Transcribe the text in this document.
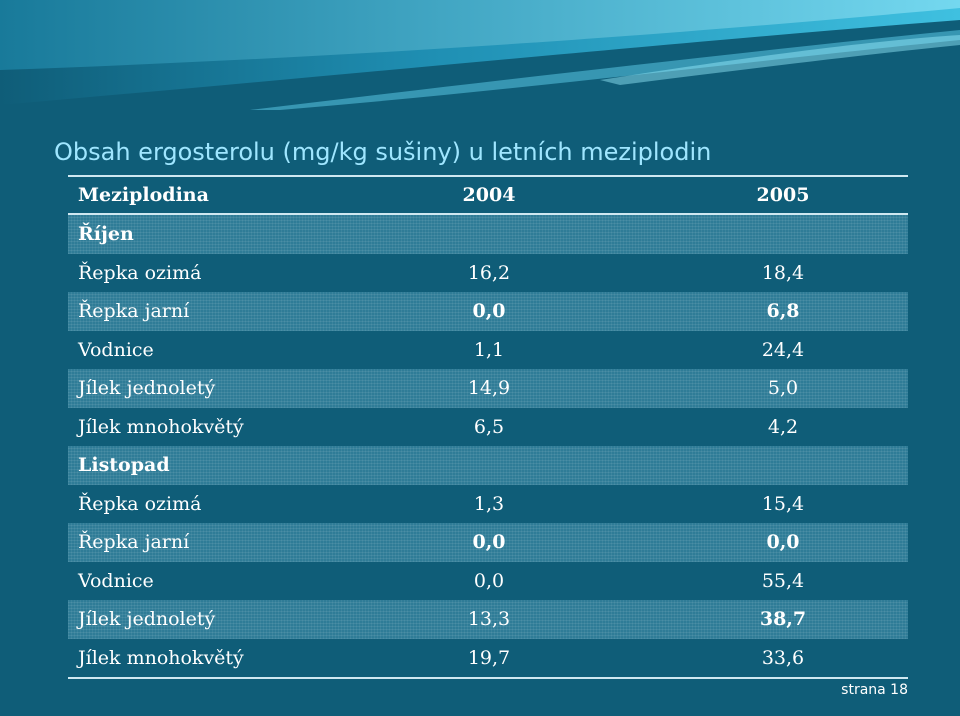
Obsah ergosterolu (mg/kg sušiny) u letních meziplodin
Meziplodina	2004	2005
Říjen
Řepka ozimá	16,2	18,4
Řepka jarní	0,0	6,8
Vodnice	1,1	24,4
Jílek jednoletý	14,9	5,0
Jílek mnohokvětý	6,5	4,2
Listopad
Řepka ozimá	1,3	15,4
Řepka jarní	0,0	0,0
Vodnice	0,0	55,4
Jílek jednoletý	13,3	38,7
Jílek mnohokvětý	19,7	33,6
strana 18
